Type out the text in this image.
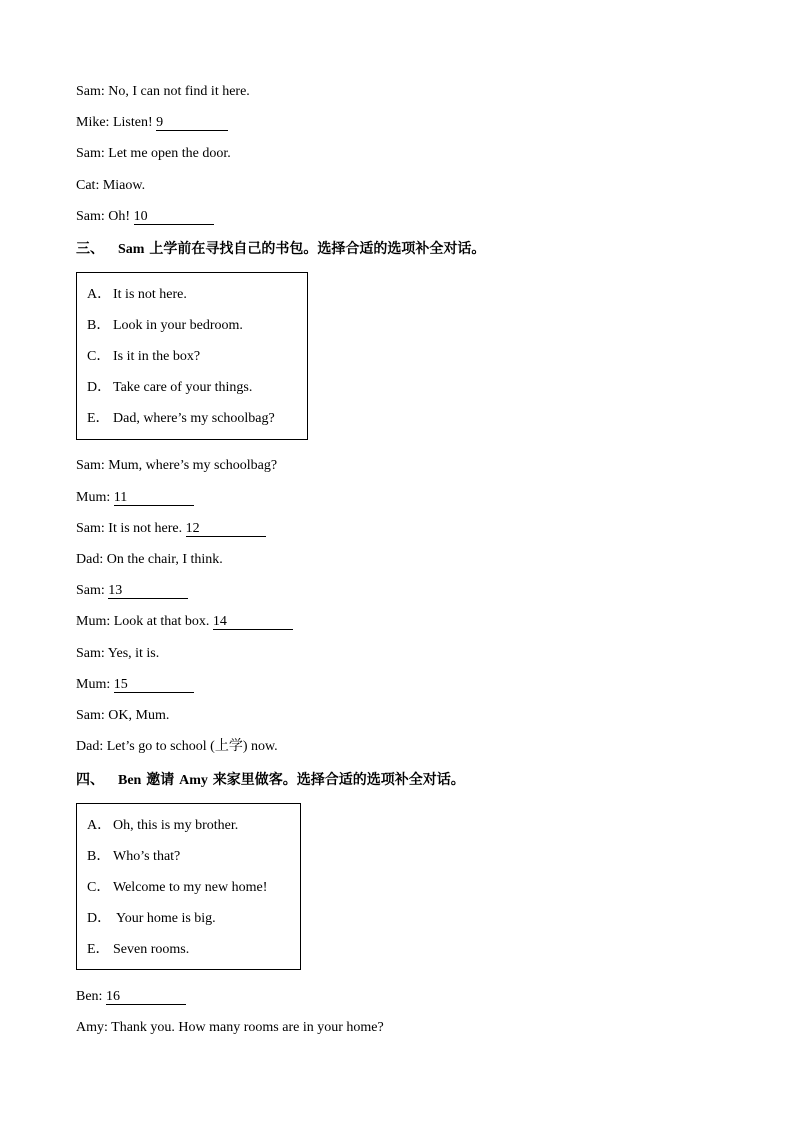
Sam: No, I can not find it here.
Mike: Listen! 9
Sam: Let me open the door.
Cat: Miaow.
Sam: Oh! 10
三、 Sam 上学前在寻找自己的书包。选择合适的选项补全对话。
A． It is not here.
B． Look in your bedroom.
C． Is it in the box?
D． Take care of your things.
E． Dad, where’s my schoolbag?
Sam: Mum, where’s my schoolbag?
Mum: 11
Sam: It is not here. 12
Dad: On the chair, I think.
Sam: 13
Mum: Look at that box. 14
Sam: Yes, it is.
Mum: 15
Sam: OK, Mum.
Dad: Let’s go to school (上学) now.
四、 Ben 邀请 Amy 来家里做客。选择合适的选项补全对话。
A． Oh, this is my brother.
B． Who’s that?
C． Welcome to my new home!
D． Your home is big.
E． Seven rooms.
Ben: 16
Amy: Thank you. How many rooms are in your home?
